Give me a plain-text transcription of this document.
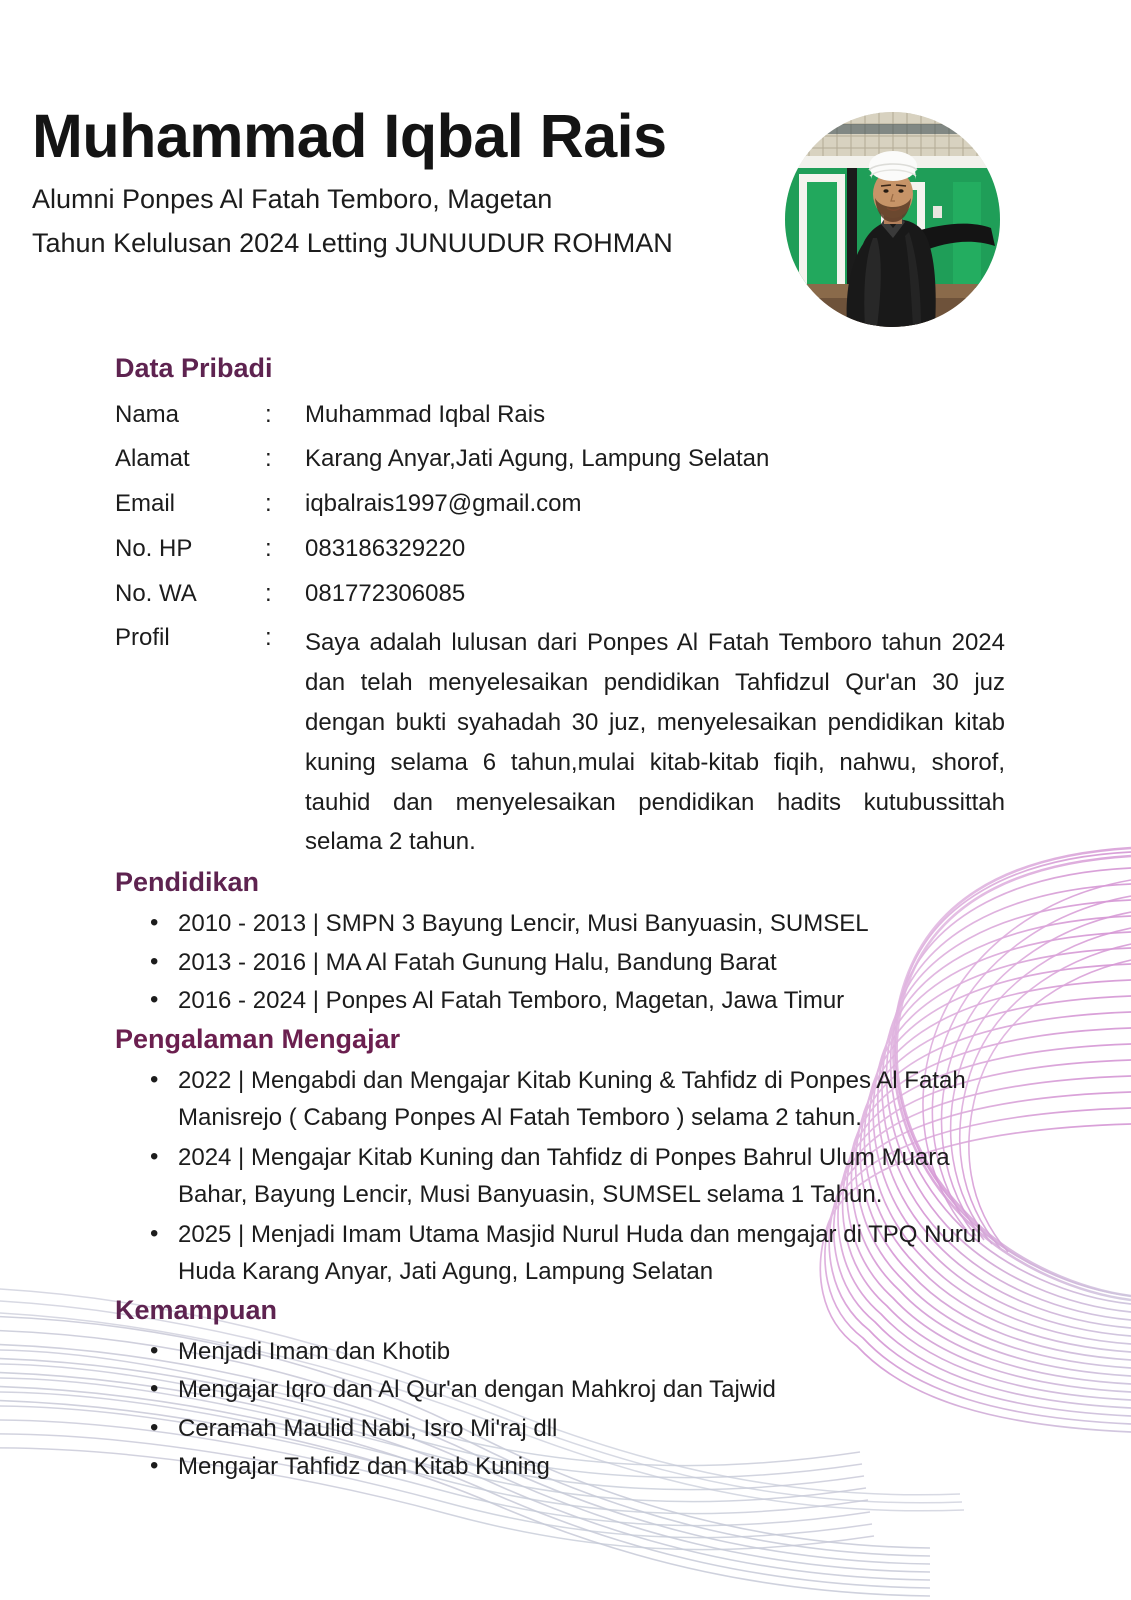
Muhammad Iqbal Rais
Alumni Ponpes Al Fatah Temboro, Magetan
Tahun Kelulusan 2024 Letting JUNUUDUR ROHMAN
Data Pribadi
Nama	:	Muhammad Iqbal Rais
Alamat	:	Karang Anyar,Jati Agung, Lampung Selatan
Email	:	iqbalrais1997@gmail.com
No. HP	:	083186329220
No. WA	:	081772306085
Profil	:	Saya adalah lulusan dari Ponpes Al Fatah Temboro tahun 2024 dan telah menyelesaikan pendidikan Tahfidzul Qur'an 30 juz dengan bukti syahadah 30 juz, menyelesaikan pendidikan kitab kuning selama 6 tahun,mulai kitab-kitab fiqih, nahwu, shorof, tauhid dan menyelesaikan pendidikan hadits kutubussittah selama 2 tahun.
Pendidikan
• 2010 - 2013 | SMPN 3 Bayung Lencir, Musi Banyuasin, SUMSEL
• 2013 - 2016 | MA Al Fatah Gunung Halu, Bandung Barat
• 2016 - 2024 | Ponpes Al Fatah Temboro, Magetan, Jawa Timur
Pengalaman Mengajar
• 2022 | Mengabdi dan Mengajar Kitab Kuning & Tahfidz di Ponpes Al Fatah Manisrejo ( Cabang Ponpes Al Fatah Temboro ) selama 2 tahun.
• 2024 | Mengajar Kitab Kuning dan Tahfidz di Ponpes Bahrul Ulum Muara Bahar, Bayung Lencir, Musi Banyuasin, SUMSEL selama 1 Tahun.
• 2025 | Menjadi Imam Utama Masjid Nurul Huda dan mengajar di TPQ Nurul Huda Karang Anyar, Jati Agung, Lampung Selatan
Kemampuan
• Menjadi Imam dan Khotib
• Mengajar Iqro dan Al Qur'an dengan Mahkroj dan Tajwid
• Ceramah Maulid Nabi, Isro Mi'raj dll
• Mengajar Tahfidz dan Kitab Kuning
